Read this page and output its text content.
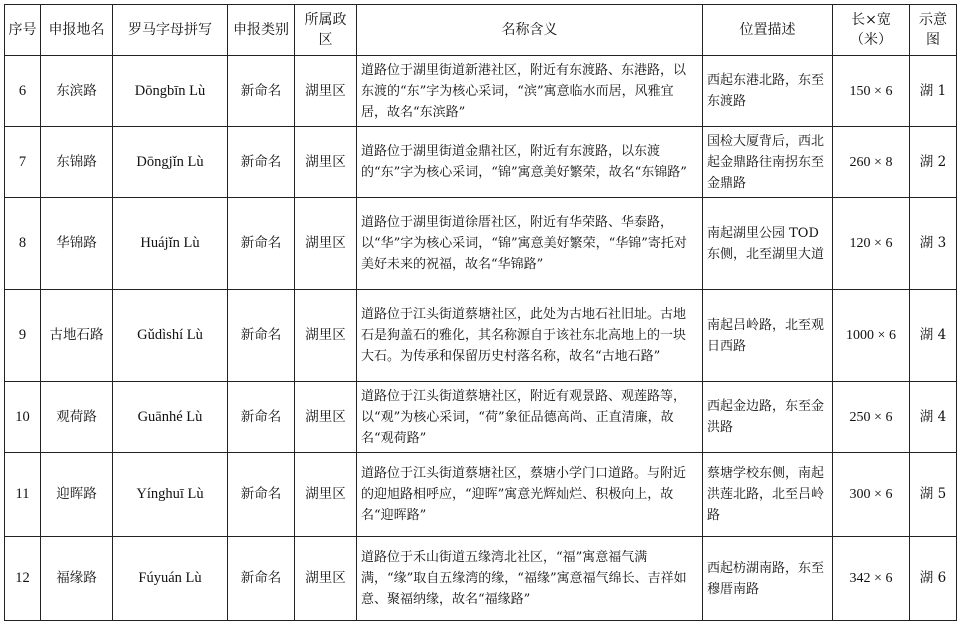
序号	申报地名	罗马字母拼写	申报类别	所属政区	名称含义	位置描述	长×宽（米）	示意图
6	东滨路	Dōngbīn Lù	新命名	湖里区	道路位于湖里街道新港社区，附近有东渡路、东港路，以东渡的“东”字为核心采词，“滨”寓意临水而居，风雅宜居，故名“东滨路”	西起东港北路，东至东渡路	150 × 6	湖 1
7	东锦路	Dōngjǐn Lù	新命名	湖里区	道路位于湖里街道金鼎社区，附近有东渡路，以东渡的“东”字为核心采词，“锦”寓意美好繁荣，故名“东锦路”	国检大厦背后，西北起金鼎路往南拐东至金鼎路	260 × 8	湖 2
8	华锦路	Huájǐn Lù	新命名	湖里区	道路位于湖里街道徐厝社区，附近有华荣路、华泰路，以“华”字为核心采词，“锦”寓意美好繁荣，“华锦”寄托对美好未来的祝福，故名“华锦路”	南起湖里公园 TOD 东侧，北至湖里大道	120 × 6	湖 3
9	古地石路	Gǔdìshí Lù	新命名	湖里区	道路位于江头街道蔡塘社区，此处为古地石社旧址。古地石是狗盖石的雅化，其名称源自于该社东北高地上的一块大石。为传承和保留历史村落名称，故名“古地石路”	南起吕岭路，北至观日西路	1000 × 6	湖 4
10	观荷路	Guānhé Lù	新命名	湖里区	道路位于江头街道蔡塘社区，附近有观景路、观莲路等，以“观”为核心采词，“荷”象征品德高尚、正直清廉，故名“观荷路”	西起金边路，东至金洪路	250 × 6	湖 4
11	迎晖路	Yínghuī Lù	新命名	湖里区	道路位于江头街道蔡塘社区，蔡塘小学门口道路。与附近的迎旭路相呼应，“迎晖”寓意光辉灿烂、积极向上，故名“迎晖路”	蔡塘学校东侧，南起洪莲北路，北至吕岭路	300 × 6	湖 5
12	福缘路	Fúyuán Lù	新命名	湖里区	道路位于禾山街道五缘湾北社区，“福”寓意福气满满，“缘”取自五缘湾的缘，“福缘”寓意福气绵长、吉祥如意、聚福纳缘，故名“福缘路”	西起枋湖南路，东至穆厝南路	342 × 6	湖 6
